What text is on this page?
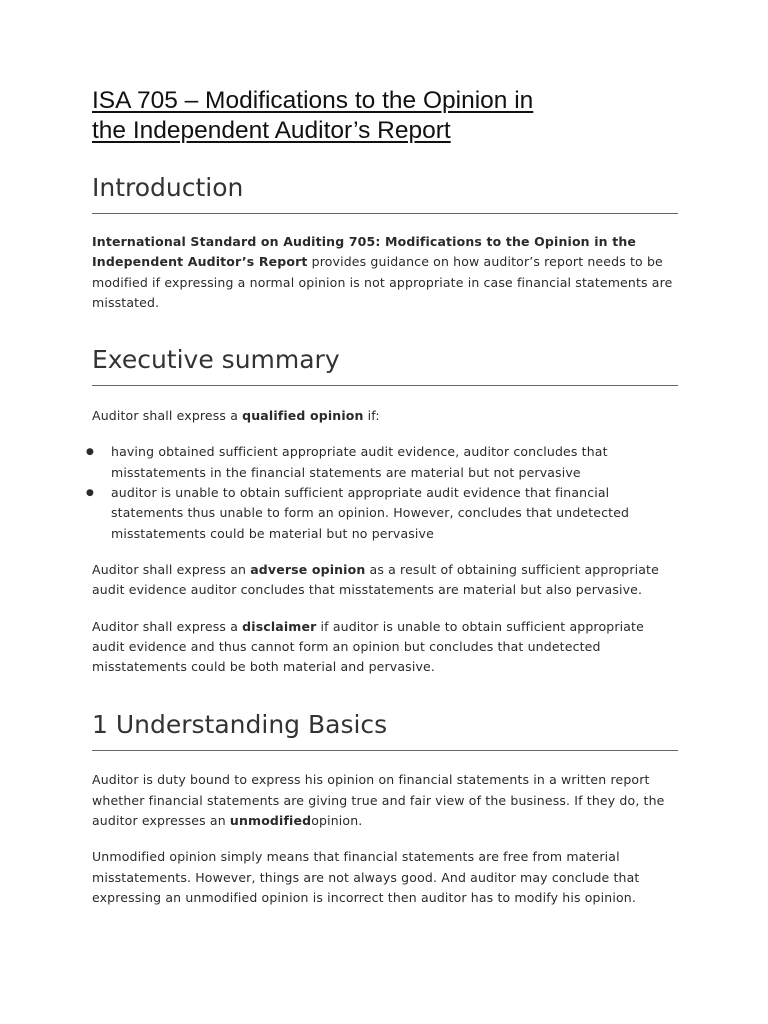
ISA 705 – Modifications to the Opinion in
the Independent Auditor’s Report
Introduction

International Standard on Auditing 705: Modifications to the Opinion in the Independent Auditor’s Report provides guidance on how auditor’s report needs to be modified if expressing a normal opinion is not appropriate in case financial statements are misstated.

Executive summary

Auditor shall express a qualified opinion if:

● having obtained sufficient appropriate audit evidence, auditor concludes that misstatements in the financial statements are material but not pervasive
● auditor is unable to obtain sufficient appropriate audit evidence that financial statements thus unable to form an opinion. However, concludes that undetected misstatements could be material but no pervasive

Auditor shall express an adverse opinion as a result of obtaining sufficient appropriate audit evidence auditor concludes that misstatements are material but also pervasive.

Auditor shall express a disclaimer if auditor is unable to obtain sufficient appropriate audit evidence and thus cannot form an opinion but concludes that undetected misstatements could be both material and pervasive.

1 Understanding Basics

Auditor is duty bound to express his opinion on financial statements in a written report whether financial statements are giving true and fair view of the business. If they do, the auditor expresses an unmodifiedopinion.

Unmodified opinion simply means that financial statements are free from material misstatements. However, things are not always good. And auditor may conclude that expressing an unmodified opinion is incorrect then auditor has to modify his opinion.
